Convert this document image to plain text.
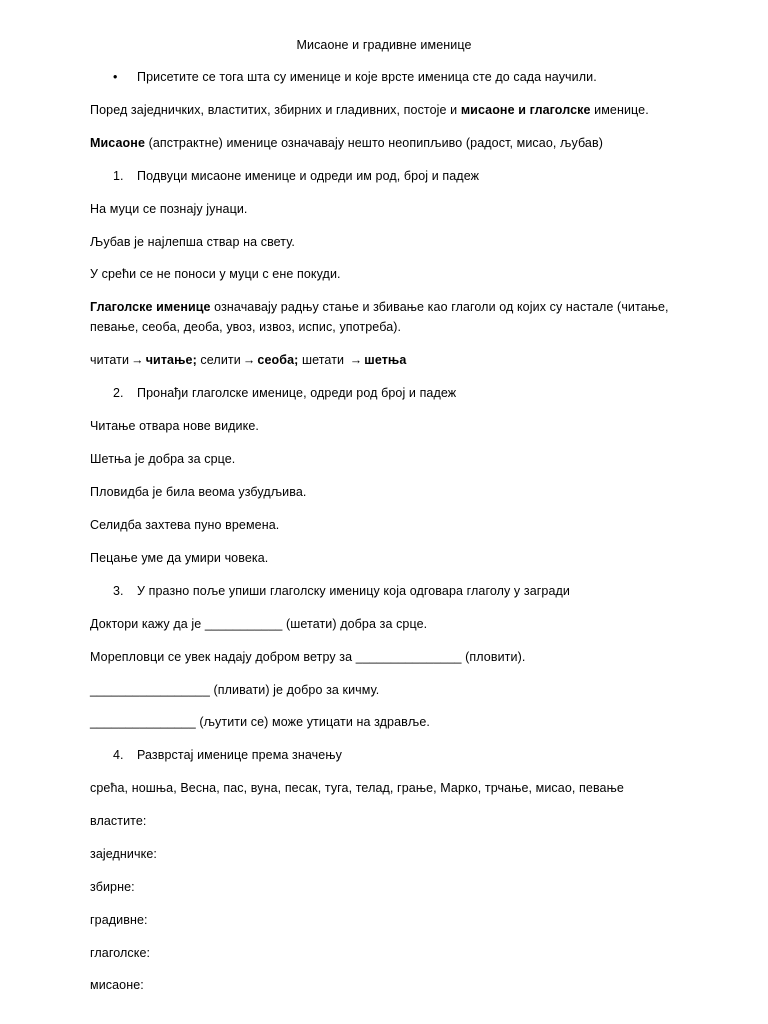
Мисаоне и градивне именице
• Присетите се тога шта су именице и које врсте именица сте до сада научили.
Поред заједничких, властитих, збирних и гладивних, постоје и мисаоне и глаголске именице.
Мисаоне (апстрактне) именице означавају нешто неопипљиво (радост, мисао, љубав)
1. Подвуци мисаоне именице и одреди им род, број и падеж
На муци се познају јунаци.
Љубав је најлепша ствар на свету.
У срећи се не поноси у муци с ене покуди.
Глаголске именице означавају радњу стање и збивање као глаголи од којих су настале (читање,
певање, сеоба, деоба, увоз, извоз, испис, употреба).
читати → читање; селити → сеоба; шетати → шетња
2. Пронађи глаголске именице, одреди род број и падеж
Читање отвара нове видике.
Шетња је добра за срце.
Пловидба је била веома узбудљива.
Селидба захтева пуно времена.
Пецање уме да умири човека.
3. У празно поље упиши глаголску именицу која одговара глаголу у загради
Доктори кажу да је ___________ (шетати) добра за срце.
Морепловци се увек надају добром ветру за _______________ (пловити).
_________________ (пливати) је добро за кичму.
_______________ (љутити се) може утицати на здравље.
4. Разврстај именице према значењу
срећа, ношња, Весна, пас, вуна, песак, туга, телад, грање, Марко, трчање, мисао, певање
властите:
заједничке:
збирне:
градивне:
глаголске:
мисаоне:
